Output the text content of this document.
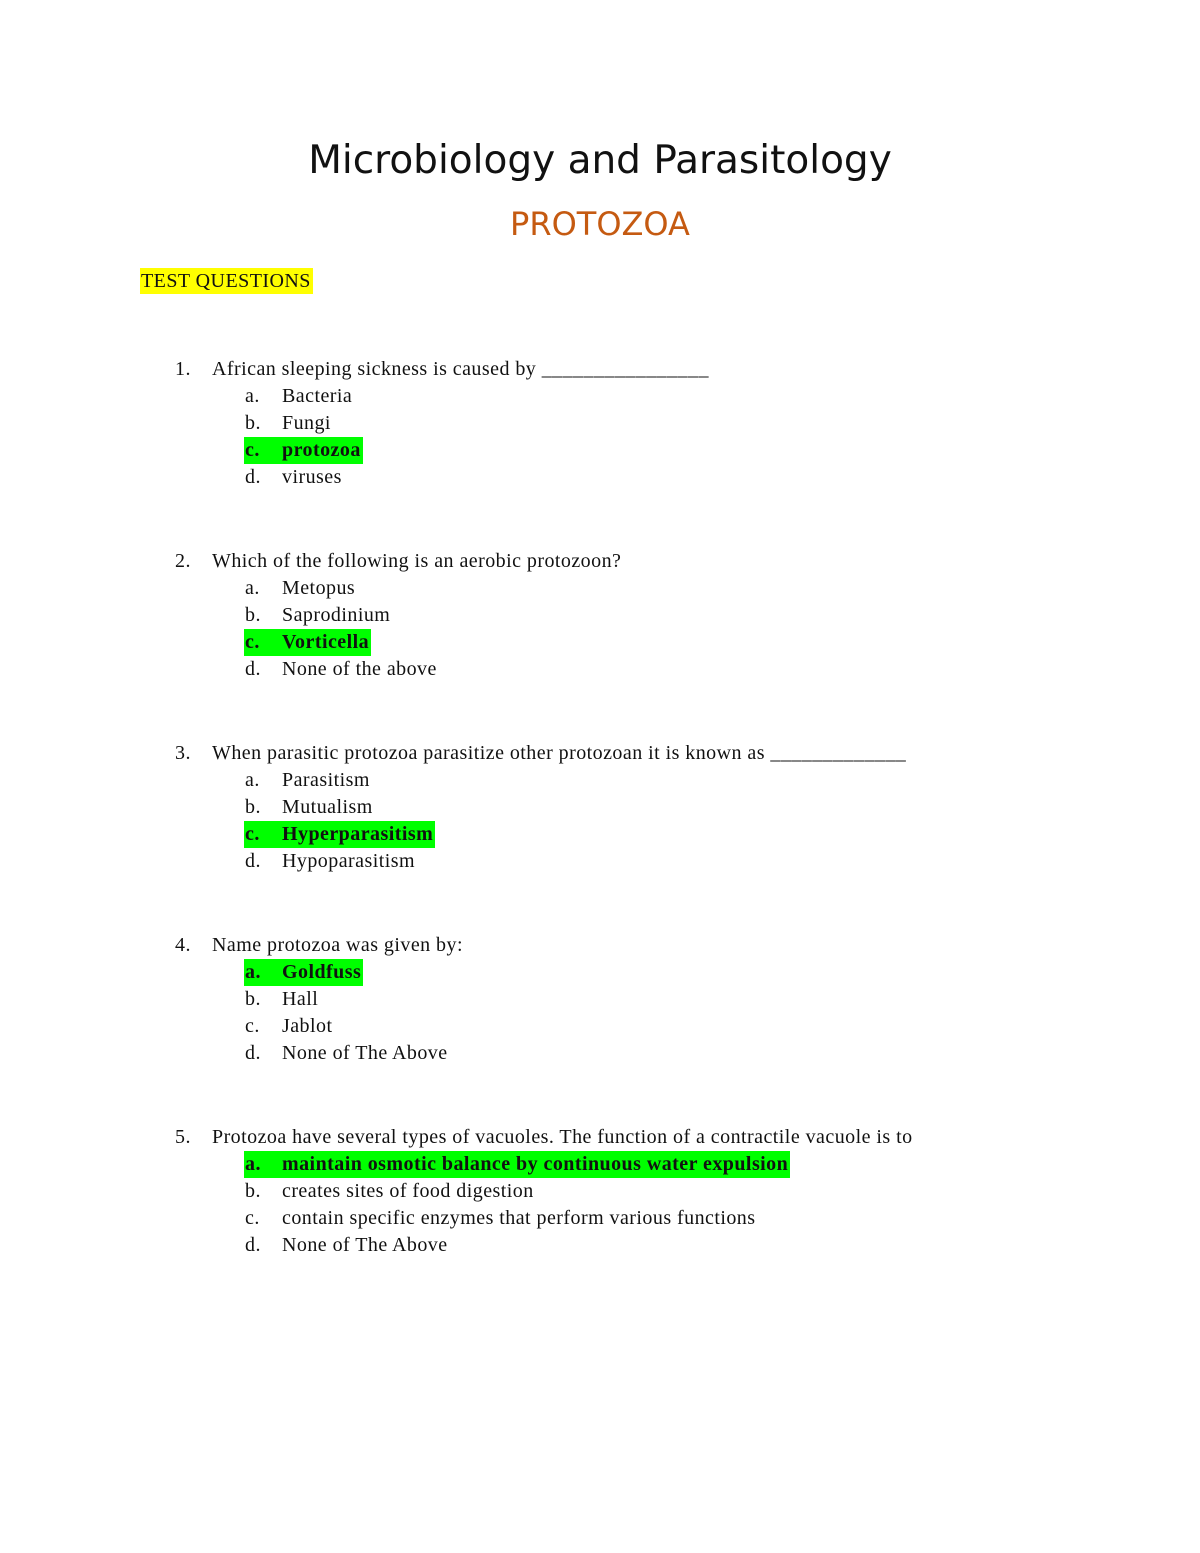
Microbiology and Parasitology
PROTOZOA
TEST QUESTIONS
1. African sleeping sickness is caused by ________________
a. Bacteria
b. Fungi
c. protozoa
d. viruses
2. Which of the following is an aerobic protozoon?
a. Metopus
b. Saprodinium
c. Vorticella
d. None of the above
3. When parasitic protozoa parasitize other protozoan it is known as _____________
a. Parasitism
b. Mutualism
c. Hyperparasitism
d. Hypoparasitism
4. Name protozoa was given by:
a. Goldfuss
b. Hall
c. Jablot
d. None of The Above
5. Protozoa have several types of vacuoles. The function of a contractile vacuole is to
a. maintain osmotic balance by continuous water expulsion
b. creates sites of food digestion
c. contain specific enzymes that perform various functions
d. None of The Above
